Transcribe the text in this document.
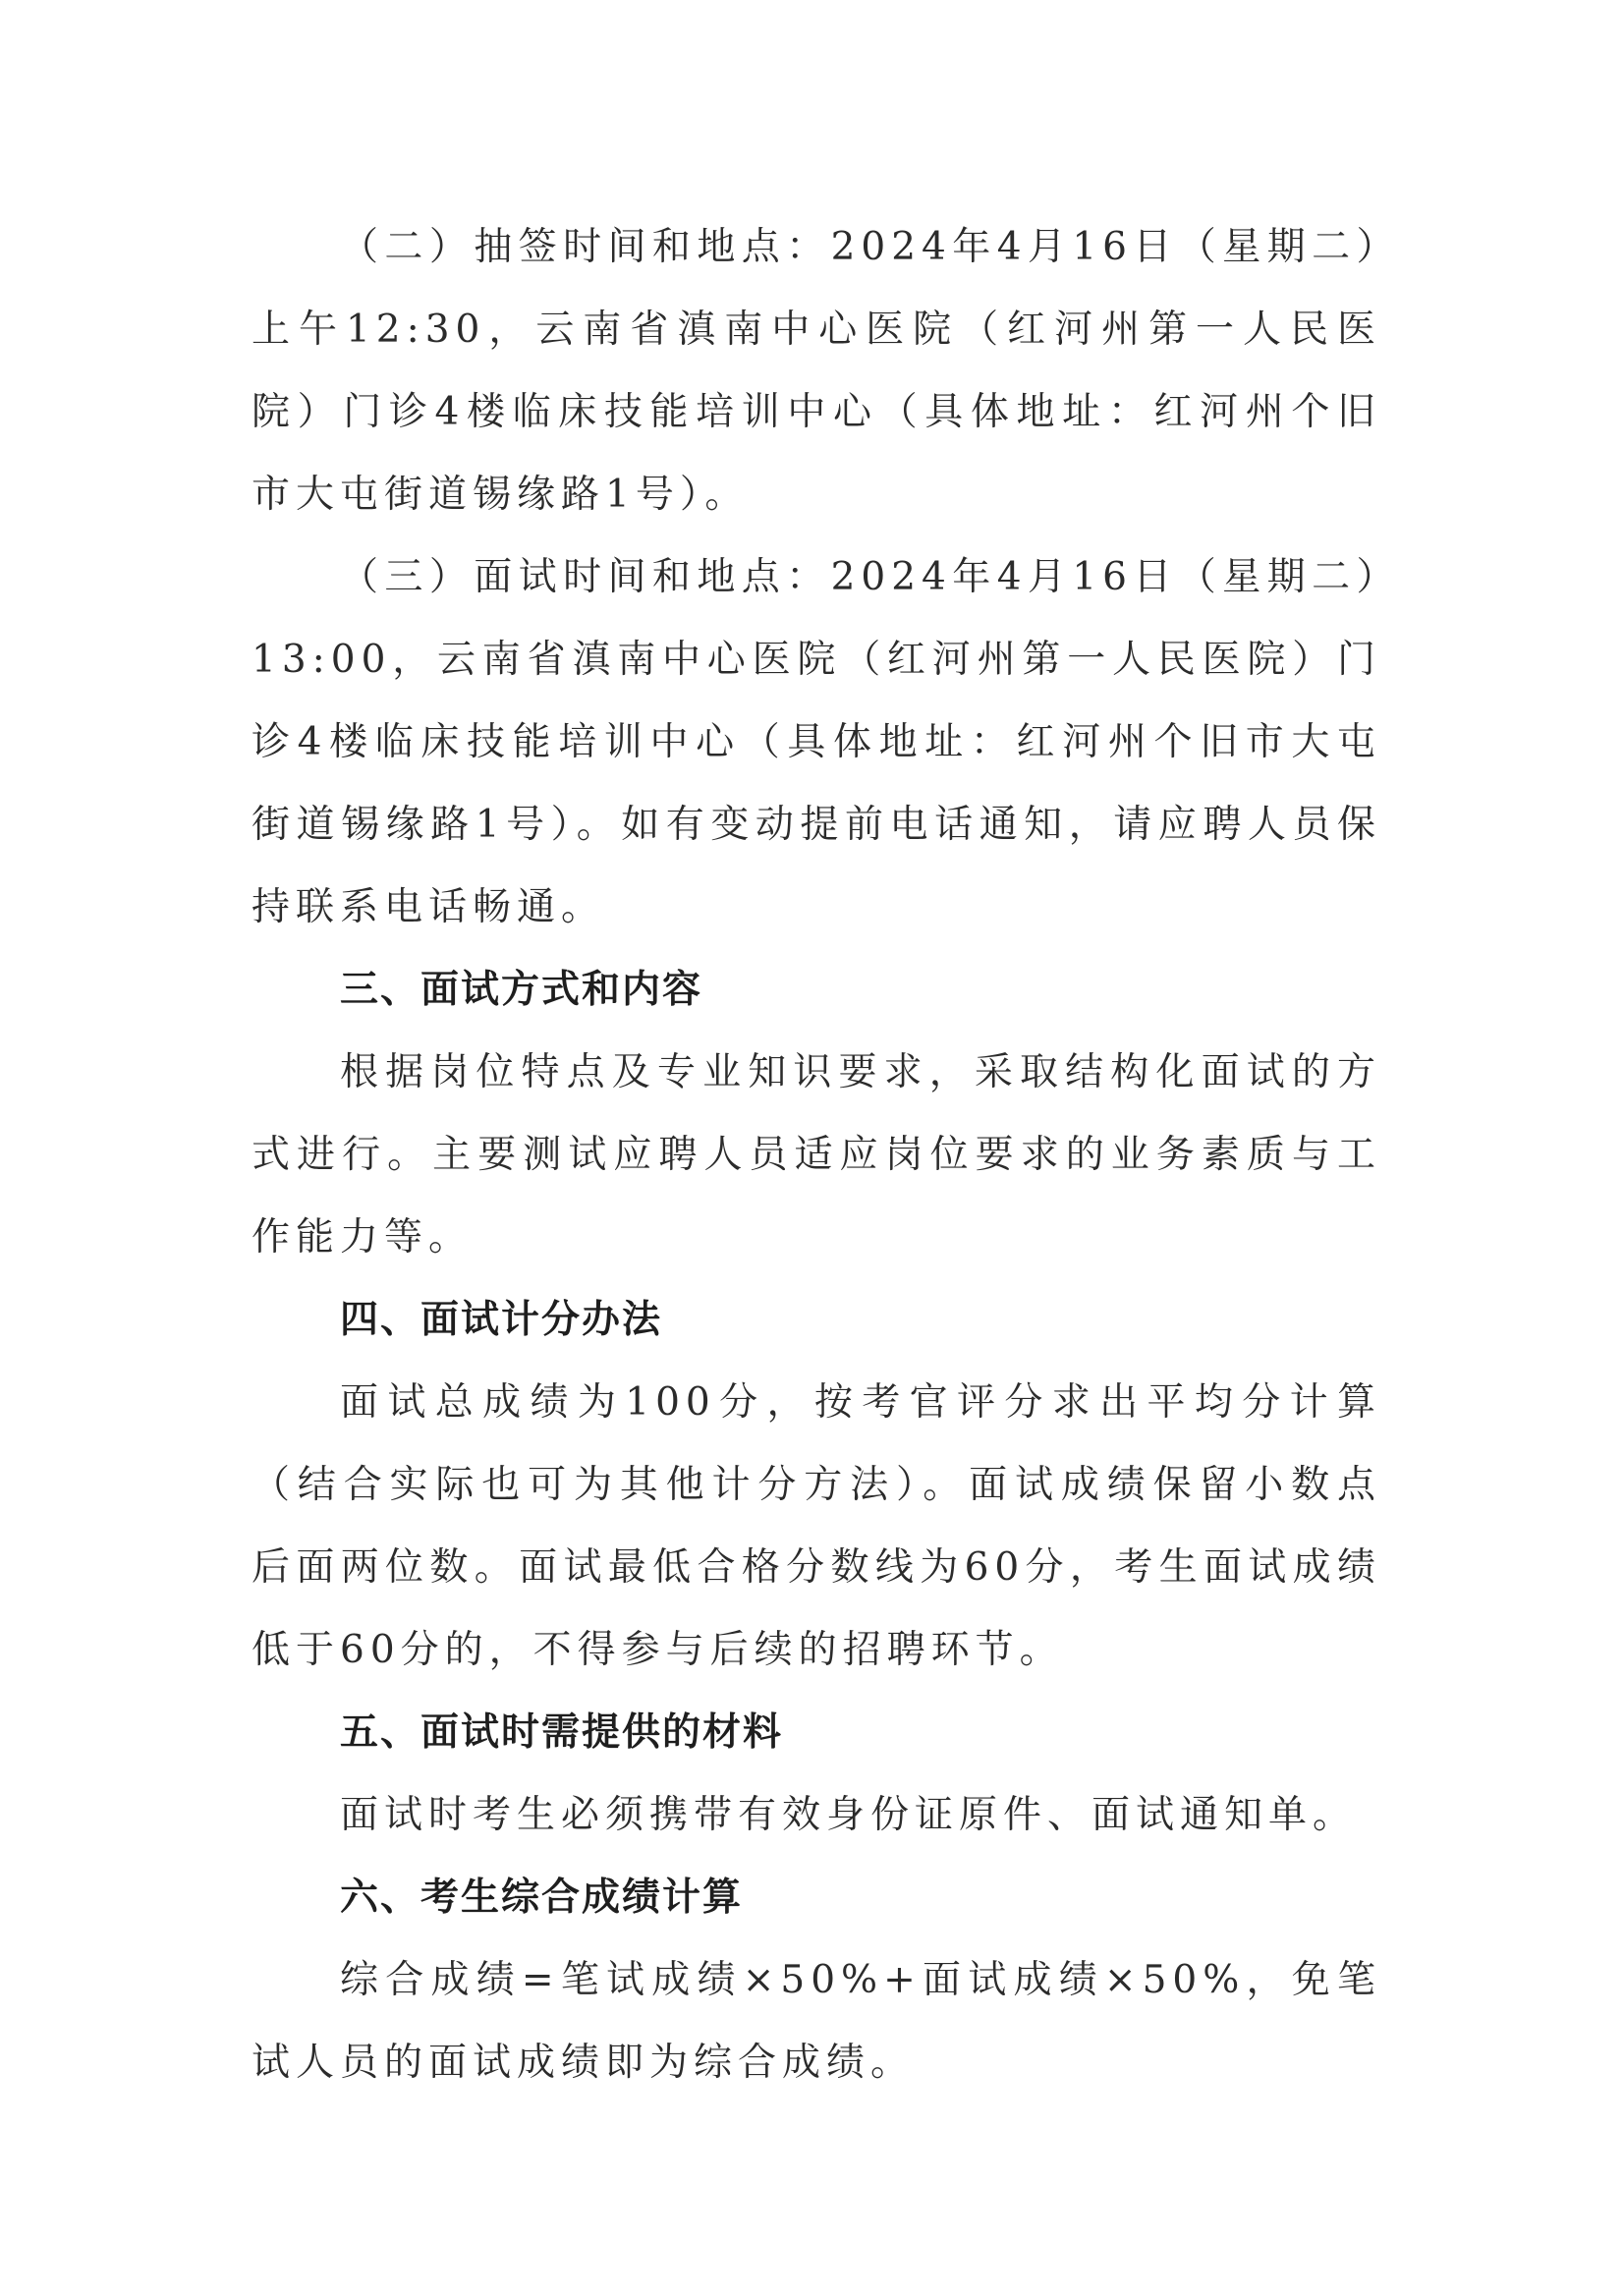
（二）抽签时间和地点：2024年4月16日（星期二）上午12:30，云南省滇南中心医院（红河州第一人民医院）门诊4楼临床技能培训中心（具体地址：红河州个旧市大屯街道锡缘路1号）。

（三）面试时间和地点：2024年4月16日（星期二）13:00，云南省滇南中心医院（红河州第一人民医院）门诊4楼临床技能培训中心（具体地址：红河州个旧市大屯街道锡缘路1号）。如有变动提前电话通知，请应聘人员保持联系电话畅通。

三、面试方式和内容

根据岗位特点及专业知识要求，采取结构化面试的方式进行。主要测试应聘人员适应岗位要求的业务素质与工作能力等。

四、面试计分办法

面试总成绩为100分，按考官评分求出平均分计算（结合实际也可为其他计分方法）。面试成绩保留小数点后面两位数。面试最低合格分数线为60分，考生面试成绩低于60分的，不得参与后续的招聘环节。

五、面试时需提供的材料

面试时考生必须携带有效身份证原件、面试通知单。

六、考生综合成绩计算

综合成绩=笔试成绩×50%+面试成绩×50%，免笔试人员的面试成绩即为综合成绩。
